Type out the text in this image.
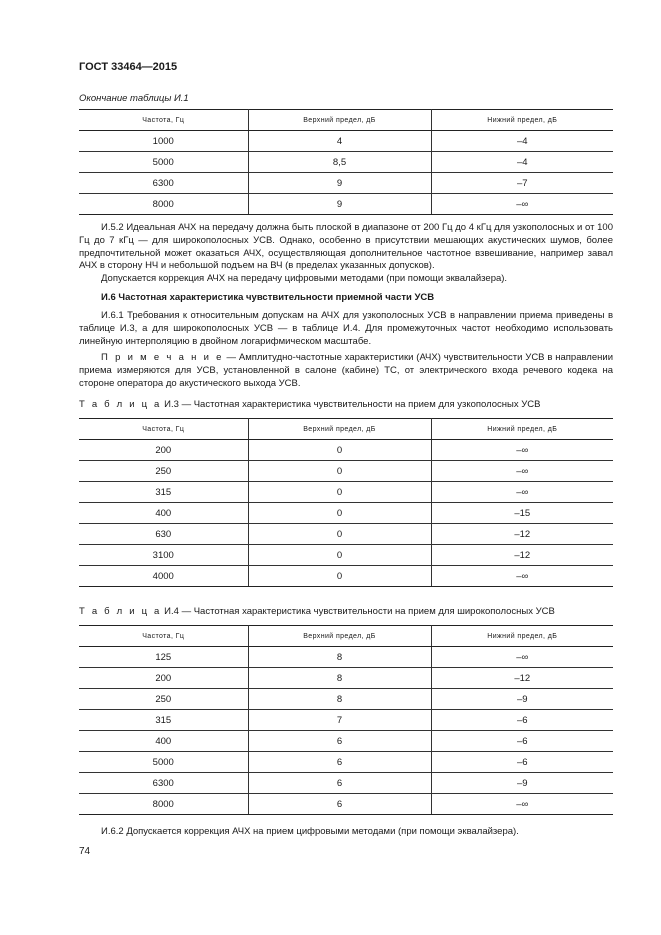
ГОСТ 33464—2015
Окончание таблицы И.1
Частота, Гц	Верхний предел, дБ	Нижний предел, дБ
1000	4	–4
5000	8,5	–4
6300	9	–7
8000	9	–∞
И.5.2 Идеальная АЧХ на передачу должна быть плоской в диапазоне от 200 Гц до 4 кГц для узкополосных и от 100 Гц до 7 кГц — для широкополосных УСВ. Однако, особенно в присутствии мешающих акустических шумов, более предпочтительной может оказаться АЧХ, осуществляющая дополнительное частотное взвешивание, например завал АЧХ в сторону НЧ и небольшой подъем на ВЧ (в пределах указанных допусков).
Допускается коррекция АЧХ на передачу цифровыми методами (при помощи эквалайзера).
И.6 Частотная характеристика чувствительности приемной части УСВ
И.6.1 Требования к относительным допускам на АЧХ для узкополосных УСВ в направлении приема приведены в таблице И.3, а для широкополосных УСВ — в таблице И.4. Для промежуточных частот необходимо использовать линейную интерполяцию в двойном логарифмическом масштабе.
П р и м е ч а н и е — Амплитудно-частотные характеристики (АЧХ) чувствительности УСВ в направлении приема измеряются для УСВ, установленной в салоне (кабине) ТС, от электрического входа речевого кодека на стороне оператора до акустического выхода УСВ.
Т а б л и ц а И.3 — Частотная характеристика чувствительности на прием для узкополосных УСВ
Частота, Гц	Верхний предел, дБ	Нижний предел, дБ
200	0	–∞
250	0	–∞
315	0	–∞
400	0	–15
630	0	–12
3100	0	–12
4000	0	–∞
Т а б л и ц а И.4 — Частотная характеристика чувствительности на прием для широкополосных УСВ
Частота, Гц	Верхний предел, дБ	Нижний предел, дБ
125	8	–∞
200	8	–12
250	8	–9
315	7	–6
400	6	–6
5000	6	–6
6300	6	–9
8000	6	–∞
И.6.2 Допускается коррекция АЧХ на прием цифровыми методами (при помощи эквалайзера).
74
